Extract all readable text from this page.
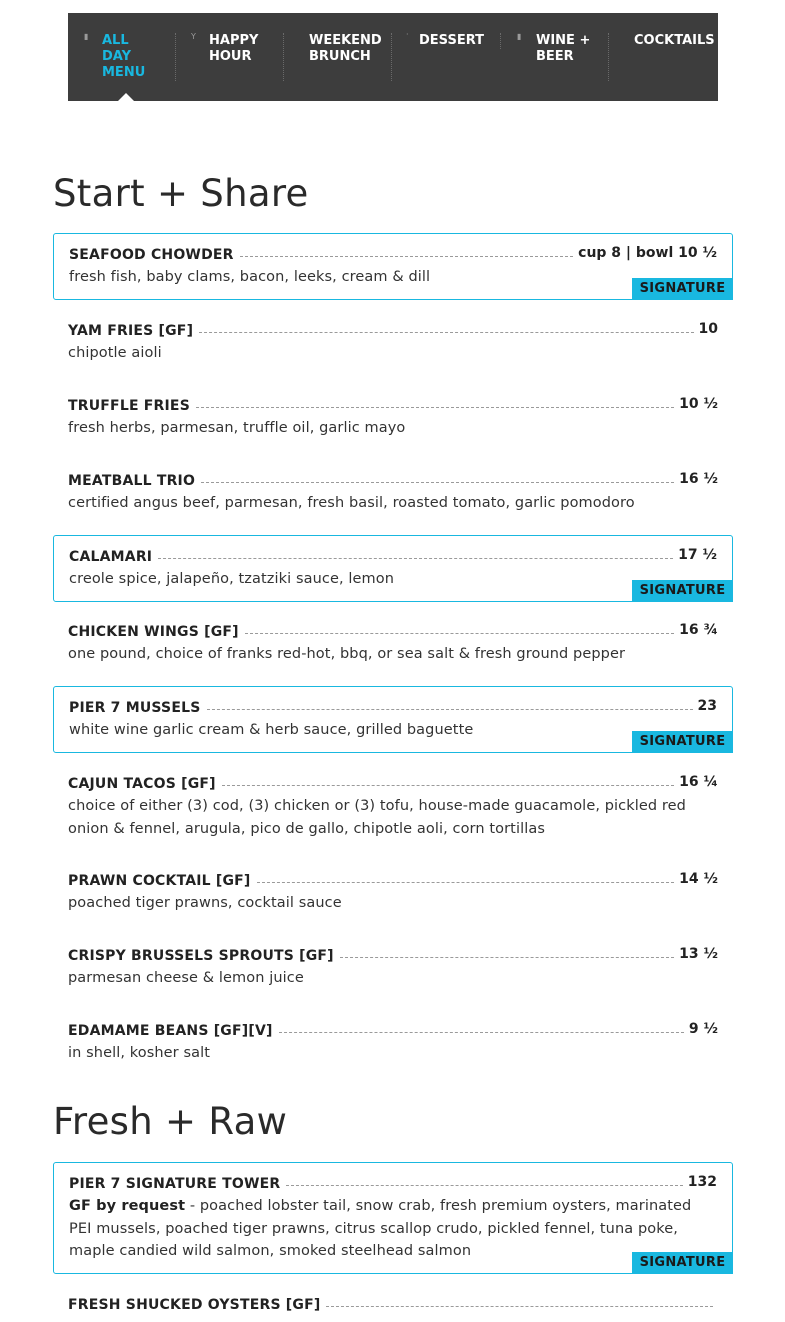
▮ ALL
DAY
MENU
Y HAPPY
HOUR
WEEKEND
BRUNCH
· DESSERT	▮ WINE +
BEER
COCKTAILS
Start + Share
SEAFOOD CHOWDER	cup 8 | bowl 10 ½
fresh fish, baby clams, bacon, leeks, cream & dill
SIGNATURE
YAM FRIES [GF]	10
chipotle aioli
TRUFFLE FRIES	10 ½
fresh herbs, parmesan, truffle oil, garlic mayo
MEATBALL TRIO	16 ½
certified angus beef, parmesan, fresh basil, roasted tomato, garlic pomodoro
CALAMARI	17 ½
creole spice, jalapeño, tzatziki sauce, lemon
SIGNATURE
CHICKEN WINGS [GF]	16 ¾
one pound, choice of franks red-hot, bbq, or sea salt & fresh ground pepper
PIER 7 MUSSELS	23
white wine garlic cream & herb sauce, grilled baguette
SIGNATURE
CAJUN TACOS [GF]	16 ¼
choice of either (3) cod, (3) chicken or (3) tofu, house-made guacamole, pickled red onion & fennel, arugula, pico de gallo, chipotle aoli, corn tortillas
PRAWN COCKTAIL [GF]	14 ½
poached tiger prawns, cocktail sauce
CRISPY BRUSSELS SPROUTS [GF]	13 ½
parmesan cheese & lemon juice
EDAMAME BEANS [GF][V]	9 ½
in shell, kosher salt
Fresh + Raw
PIER 7 SIGNATURE TOWER	132
GF by request - poached lobster tail, snow crab, fresh premium oysters, marinated PEI mussels, poached tiger prawns, citrus scallop crudo, pickled fennel, tuna poke, maple candied wild salmon, smoked steelhead salmon
SIGNATURE
FRESH SHUCKED OYSTERS [GF]
